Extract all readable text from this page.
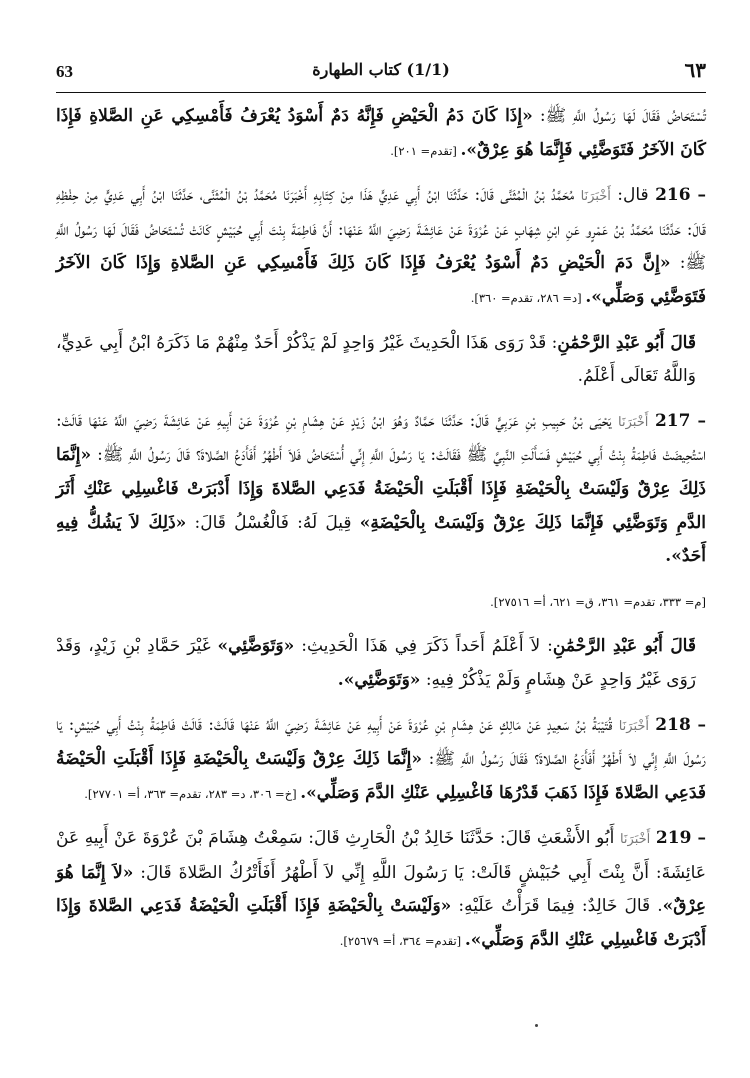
63	(1/1) كتاب الطهارة	٦٣
تُسْتَحَاضُ فَقَالَ لَهَا رَسُولُ اللَّهِ ﷺ: «إِذَا كَانَ دَمُ الْحَيْضِ فَإِنَّهُ دَمٌ أَسْوَدُ يُعْرَفُ فَأَمْسِكِي عَنِ الصَّلاةِ فَإِذَا كَانَ الآخَرُ فَتَوَضَّئِي فَإِنَّمَا هُوَ عِرْقٌ». [تقدم= ٢٠١].
216 – قال: أَخْبَرَنَا مُحَمَّدُ بْنُ الْمُثَنَّى قَالَ: حَدَّثَنَا ابْنُ أَبِي عَدِيٍّ هَذَا مِنْ كِتَابِهِ أَخْبَرَنَا مُحَمَّدُ بْنُ الْمُثَنَّى، حَدَّثَنَا ابْنُ أَبِي عَدِيٍّ مِنْ حِفْظِهِ قَالَ: حَدَّثَنَا مُحَمَّدُ بْنُ عَمْرٍو عَنِ ابْنِ شِهَابٍ عَنْ عُرْوَةَ عَنْ عَائِشَةَ رَضِيَ اللَّهُ عَنْهَا: أَنَّ فَاطِمَةَ بِنْتَ أَبِي حُبَيْشٍ كَانَتْ تُسْتَحَاضُ فَقَالَ لَهَا رَسُولُ اللَّهِ ﷺ: «إِنَّ دَمَ الْحَيْضِ دَمٌ أَسْوَدُ يُعْرَفُ فَإِذَا كَانَ ذَلِكَ فَأَمْسِكِي عَنِ الصَّلاةِ وَإِذَا كَانَ الآخَرُ فَتَوَضَّئِي وَصَلِّي». [د= ٢٨٦، تقدم= ٣٦٠].
قَالَ أَبُو عَبْدِ الرَّحْمَٰنِ: قَدْ رَوَى هَذَا الْحَدِيثَ غَيْرُ وَاحِدٍ لَمْ يَذْكُرْ أَحَدٌ مِنْهُمْ مَا ذَكَرَهُ ابْنُ أَبِي عَدِيٍّ، وَاللَّهُ تَعَالَى أَعْلَمُ.
217 – أَخْبَرَنَا يَحْيَى بْنُ حَبِيبِ بْنِ عَرَبِيٍّ قَالَ: حَدَّثَنَا حَمَّادٌ وَهُوَ ابْنُ زَيْدٍ عَنْ هِشَامِ بْنِ عُرْوَةَ عَنْ أَبِيهِ عَنْ عَائِشَةَ رَضِيَ اللَّهُ عَنْهَا قَالَتْ: اسْتُحِيضَتْ فَاطِمَةُ بِنْتُ أَبِي حُبَيْشٍ فَسَأَلَتِ النَّبِيَّ ﷺ فَقَالَتْ: يَا رَسُولَ اللَّهِ إِنِّي أُسْتَحَاضُ فَلاَ أَطْهُرُ أَفَأَدَعُ الصَّلاةَ؟ قَالَ رَسُولُ اللَّهِ ﷺ: «إِنَّمَا ذَلِكَ عِرْقٌ وَلَيْسَتْ بِالْحَيْضَةِ فَإِذَا أَقْبَلَتِ الْحَيْضَةُ فَدَعِي الصَّلاةَ وَإِذَا أَدْبَرَتْ فَاغْسِلِي عَنْكِ أَثَرَ الدَّمِ وَتَوَضَّئِي فَإِنَّمَا ذَلِكَ عِرْقٌ وَلَيْسَتْ بِالْحَيْضَةِ» قِيلَ لَهُ: فَالْغُسْلُ قَالَ: «ذَلِكَ لاَ يَشُكُّ فِيهِ أَحَدٌ».
[م= ٣٣٣، تقدم= ٣٦١، ق= ٦٢١، أ= ٢٧٥١٦].
قَالَ أَبُو عَبْدِ الرَّحْمَٰنِ: لاَ أَعْلَمُ أَحَداً ذَكَرَ فِي هَذَا الْحَدِيثِ: «وَتَوَضَّئِي» غَيْرَ حَمَّادِ بْنِ زَيْدٍ، وَقَدْ رَوَى غَيْرُ وَاحِدٍ عَنْ هِشَامٍ وَلَمْ يَذْكُرْ فِيهِ: «وَتَوَضَّئِي».
218 – أَخْبَرَنَا قُتَيْبَةُ بْنُ سَعِيدٍ عَنْ مَالِكٍ عَنْ هِشَامِ بْنِ عُرْوَةَ عَنْ أَبِيهِ عَنْ عَائِشَةَ رَضِيَ اللَّهُ عَنْهَا قَالَتْ: قَالَتْ فَاطِمَةُ بِنْتُ أَبِي حُبَيْشٍ: يَا رَسُولَ اللَّهِ إِنِّي لاَ أَطْهُرُ أَفَأَدَعُ الصَّلاةَ؟ فَقَالَ رَسُولُ اللَّهِ ﷺ: «إِنَّمَا ذَلِكَ عِرْقٌ وَلَيْسَتْ بِالْحَيْضَةِ فَإِذَا أَقْبَلَتِ الْحَيْضَةُ فَدَعِي الصَّلاةَ فَإِذَا ذَهَبَ قَدْرُهَا فَاغْسِلِي عَنْكِ الدَّمَ وَصَلِّي». [خ= ٣٠٦، د= ٢٨٣، تقدم= ٣٦٣، أ= ٢٧٧٠١].
219 – أَخْبَرَنَا أَبُو الأَشْعَثِ قَالَ: حَدَّثَنَا خَالِدُ بْنُ الْحَارِثِ قَالَ: سَمِعْتُ هِشَامَ بْنَ عُرْوَةَ عَنْ أَبِيهِ عَنْ عَائِشَةَ: أَنَّ بِنْتَ أَبِي حُبَيْشٍ قَالَتْ: يَا رَسُولَ اللَّهِ إِنِّي لاَ أَطْهُرُ أَفَأَتْرُكُ الصَّلاةَ قَالَ: «لاَ إِنَّمَا هُوَ عِرْقٌ». قَالَ خَالِدٌ: فِيمَا قَرَأْتُ عَلَيْهِ: «وَلَيْسَتْ بِالْحَيْضَةِ فَإِذَا أَقْبَلَتِ الْحَيْضَةُ فَدَعِي الصَّلاةَ وَإِذَا أَدْبَرَتْ فَاغْسِلِي عَنْكِ الدَّمَ وَصَلِّي». [تقدم= ٣٦٤، أ= ٢٥٦٧٩].
